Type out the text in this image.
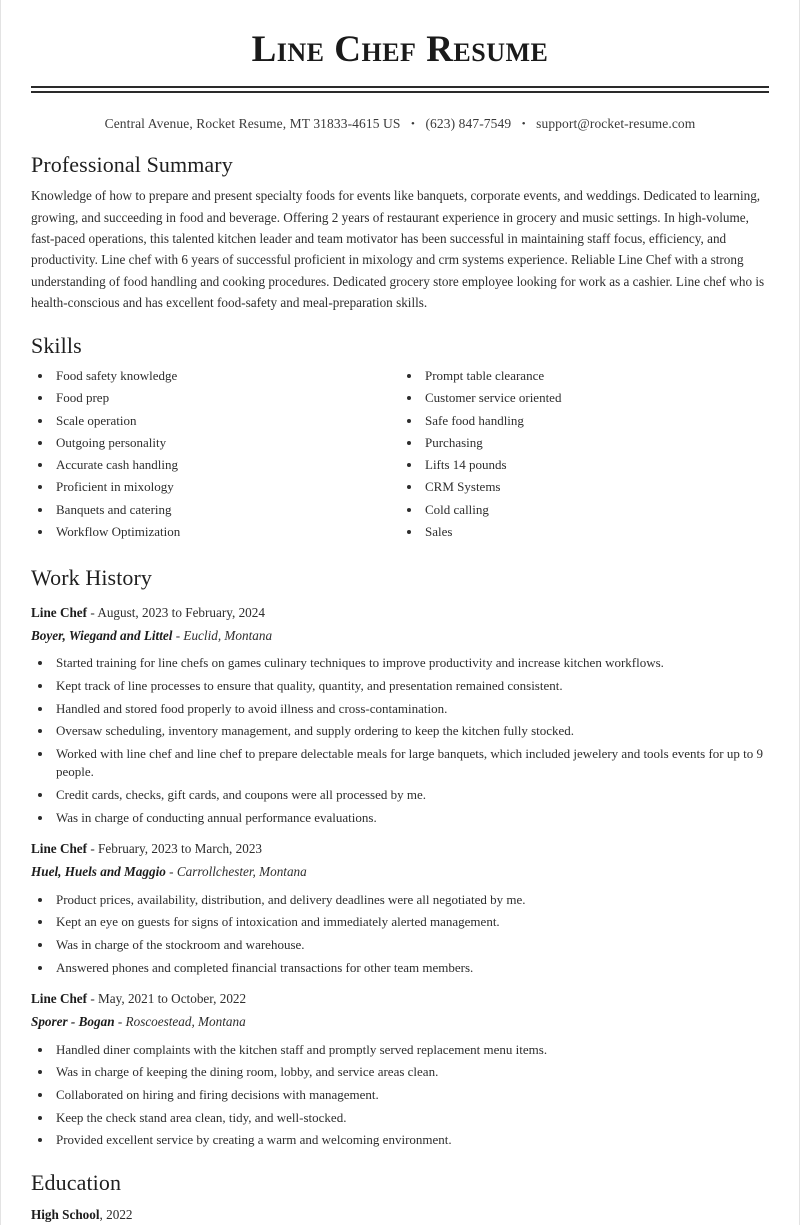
Line Chef Resume
Central Avenue, Rocket Resume, MT 31833-4615 US • (623) 847-7549 • support@rocket-resume.com
Professional Summary

Knowledge of how to prepare and present specialty foods for events like banquets, corporate events, and weddings. Dedicated to learning, growing, and succeeding in food and beverage. Offering 2 years of restaurant experience in grocery and music settings. In high-volume, fast-paced operations, this talented kitchen leader and team motivator has been successful in maintaining staff focus, efficiency, and productivity. Line chef with 6 years of successful proficient in mixology and crm systems experience. Reliable Line Chef with a strong understanding of food handling and cooking procedures. Dedicated grocery store employee looking for work as a cashier. Line chef who is health-conscious and has excellent food-safety and meal-preparation skills.

Skills
• Food safety knowledge
• Food prep
• Scale operation
• Outgoing personality
• Accurate cash handling
• Proficient in mixology
• Banquets and catering
• Workflow Optimization
• Prompt table clearance
• Customer service oriented
• Safe food handling
• Purchasing
• Lifts 14 pounds
• CRM Systems
• Cold calling
• Sales
Work History
Line Chef - August, 2023 to February, 2024
Boyer, Wiegand and Littel - Euclid, Montana
• Started training for line chefs on games culinary techniques to improve productivity and increase kitchen workflows.
• Kept track of line processes to ensure that quality, quantity, and presentation remained consistent.
• Handled and stored food properly to avoid illness and cross-contamination.
• Oversaw scheduling, inventory management, and supply ordering to keep the kitchen fully stocked.
• Worked with line chef and line chef to prepare delectable meals for large banquets, which included jewelery and tools events for up to 9 people.
• Credit cards, checks, gift cards, and coupons were all processed by me.
• Was in charge of conducting annual performance evaluations.
Line Chef - February, 2023 to March, 2023
Huel, Huels and Maggio - Carrollchester, Montana
• Product prices, availability, distribution, and delivery deadlines were all negotiated by me.
• Kept an eye on guests for signs of intoxication and immediately alerted management.
• Was in charge of the stockroom and warehouse.
• Answered phones and completed financial transactions for other team members.
Line Chef - May, 2021 to October, 2022
Sporer - Bogan - Roscoestead, Montana
• Handled diner complaints with the kitchen staff and promptly served replacement menu items.
• Was in charge of keeping the dining room, lobby, and service areas clean.
• Collaborated on hiring and firing decisions with management.
• Keep the check stand area clean, tidy, and well-stocked.
• Provided excellent service by creating a warm and welcoming environment.
Education
High School, 2022
